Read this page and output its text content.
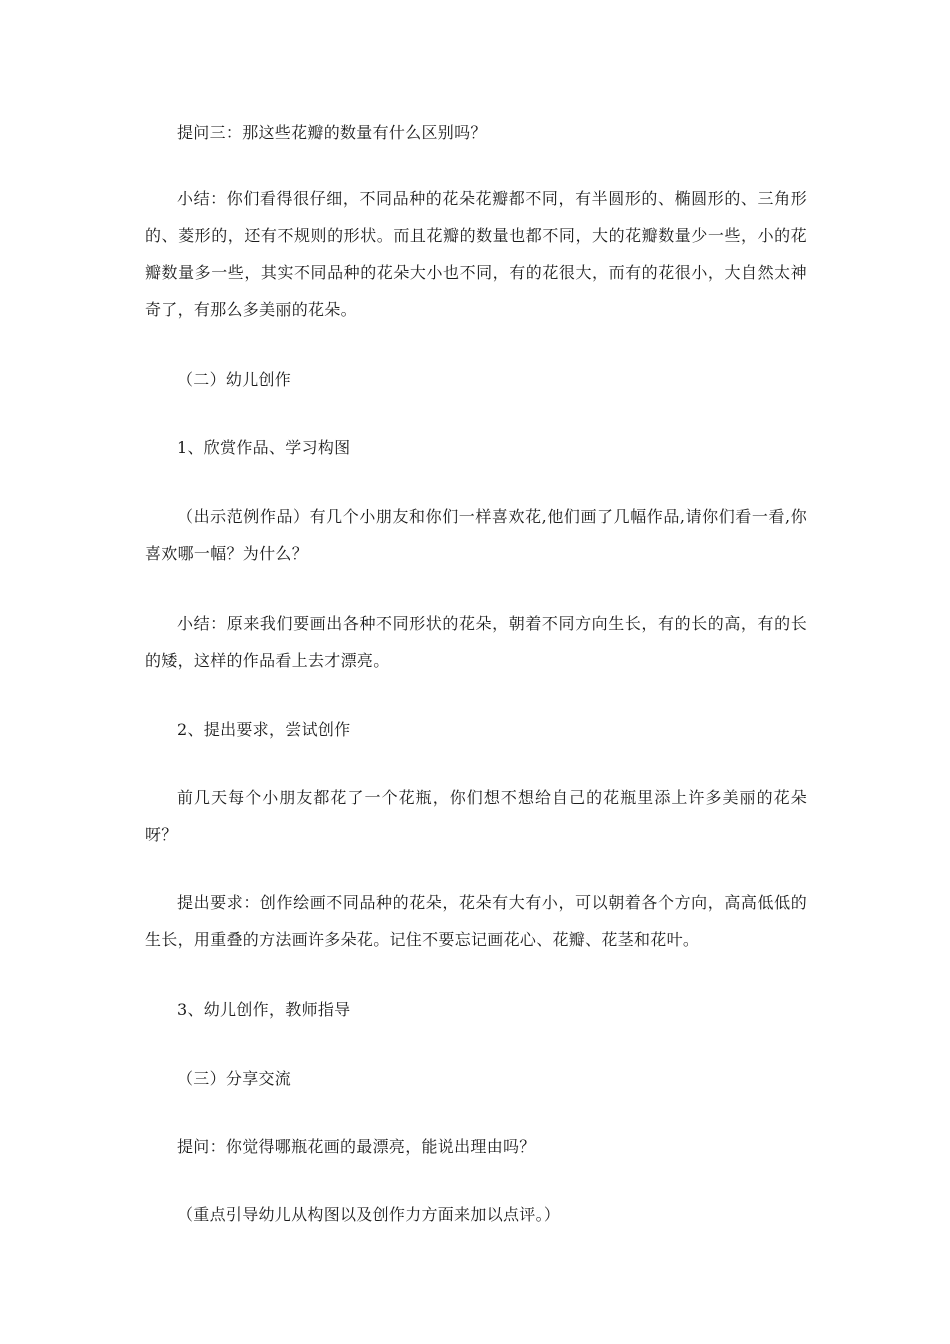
提问三：那这些花瓣的数量有什么区别吗？

小结：你们看得很仔细，不同品种的花朵花瓣都不同，有半圆形的、椭圆形的、三角形的、菱形的，还有不规则的形状。而且花瓣的数量也都不同，大的花瓣数量少一些，小的花瓣数量多一些，其实不同品种的花朵大小也不同，有的花很大，而有的花很小，大自然太神奇了，有那么多美丽的花朵。

（二）幼儿创作

1、欣赏作品、学习构图

（出示范例作品）有几个小朋友和你们一样喜欢花,他们画了几幅作品,请你们看一看,你喜欢哪一幅？为什么？

小结：原来我们要画出各种不同形状的花朵，朝着不同方向生长，有的长的高，有的长的矮，这样的作品看上去才漂亮。

2、提出要求，尝试创作

前几天每个小朋友都花了一个花瓶，你们想不想给自己的花瓶里添上许多美丽的花朵呀？

提出要求：创作绘画不同品种的花朵，花朵有大有小，可以朝着各个方向，高高低低的生长，用重叠的方法画许多朵花。记住不要忘记画花心、花瓣、花茎和花叶。

3、幼儿创作，教师指导

（三）分享交流

提问：你觉得哪瓶花画的最漂亮，能说出理由吗？

（重点引导幼儿从构图以及创作力方面来加以点评。）
